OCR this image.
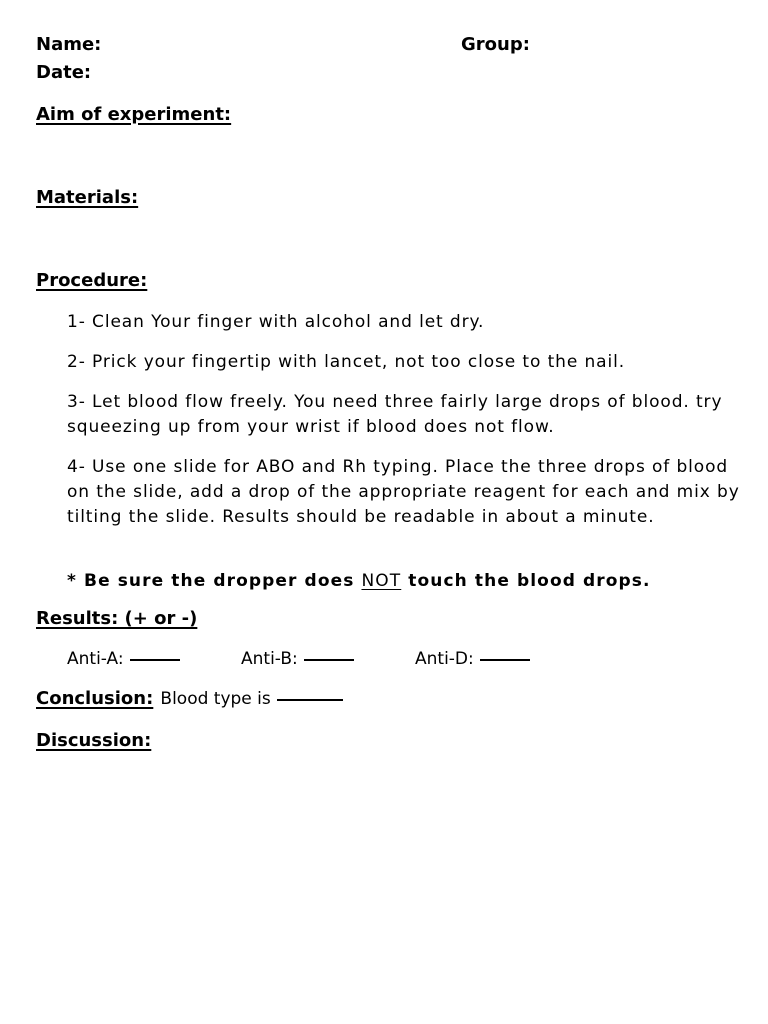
Name:	Group:
Date:
Aim of experiment:
Materials:
Procedure:
1- Clean Your finger with alcohol and let dry.
2- Prick your fingertip with lancet, not too close to the nail.
3- Let blood flow freely. You need three fairly large drops of blood. try squeezing up from your wrist if blood does not flow.
4- Use one slide for ABO and Rh typing. Place the three drops of blood on the slide, add a drop of the appropriate reagent for each and mix by tilting the slide. Results should be readable in about a minute.
* Be sure the dropper does NOT touch the blood drops.
Results: (+ or -)
Anti-A:	Anti-B:	Anti-D:
Conclusion: Blood type is
Discussion:
